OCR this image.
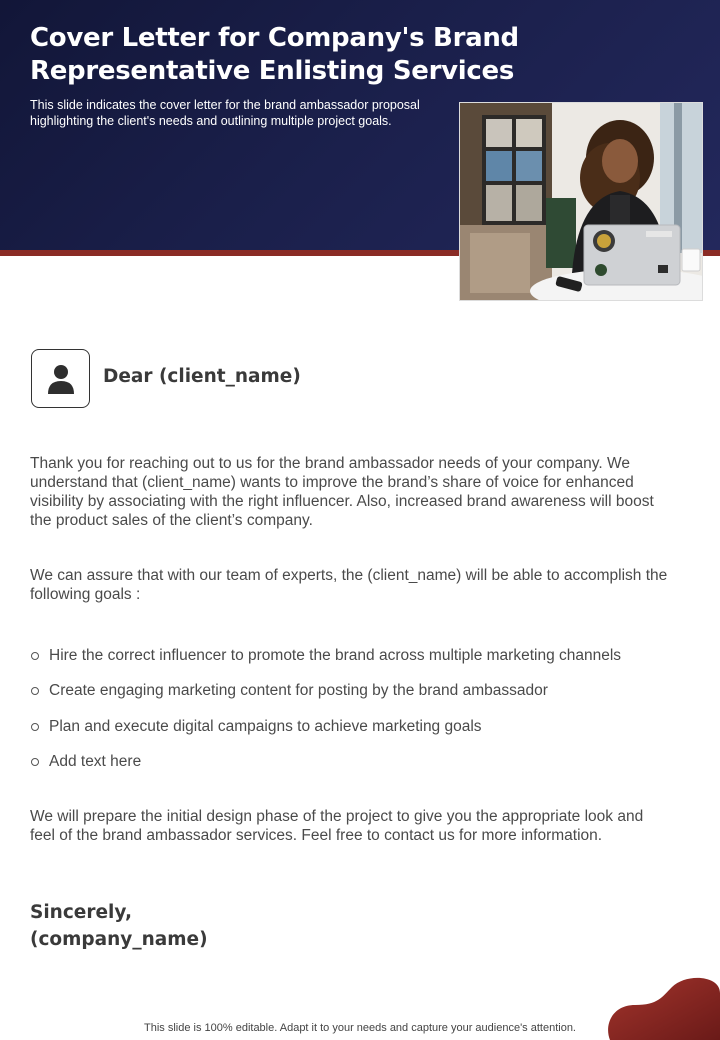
Cover Letter for Company's Brand Representative Enlisting Services

This slide indicates the cover letter for the brand ambassador proposal highlighting the client's needs and outlining multiple project goals.

Dear (client_name)

Thank you for reaching out to us for the brand ambassador needs of your company. We understand that (client_name) wants to improve the brand’s share of voice for enhanced visibility by associating with the right influencer. Also, increased brand awareness will boost the product sales of the client’s company.

We can assure that with our team of experts, the (client_name) will be able to accomplish the following goals :

Hire the correct influencer to promote the brand across multiple marketing channels
Create engaging marketing content for posting by the brand ambassador
Plan and execute digital campaigns to achieve marketing goals
Add text here

We will prepare the initial design phase of the project to give you the appropriate look and feel of the brand ambassador services. Feel free to contact us for more information.

Sincerely,
(company_name)
This slide is 100% editable. Adapt it to your needs and capture your audience's attention.
